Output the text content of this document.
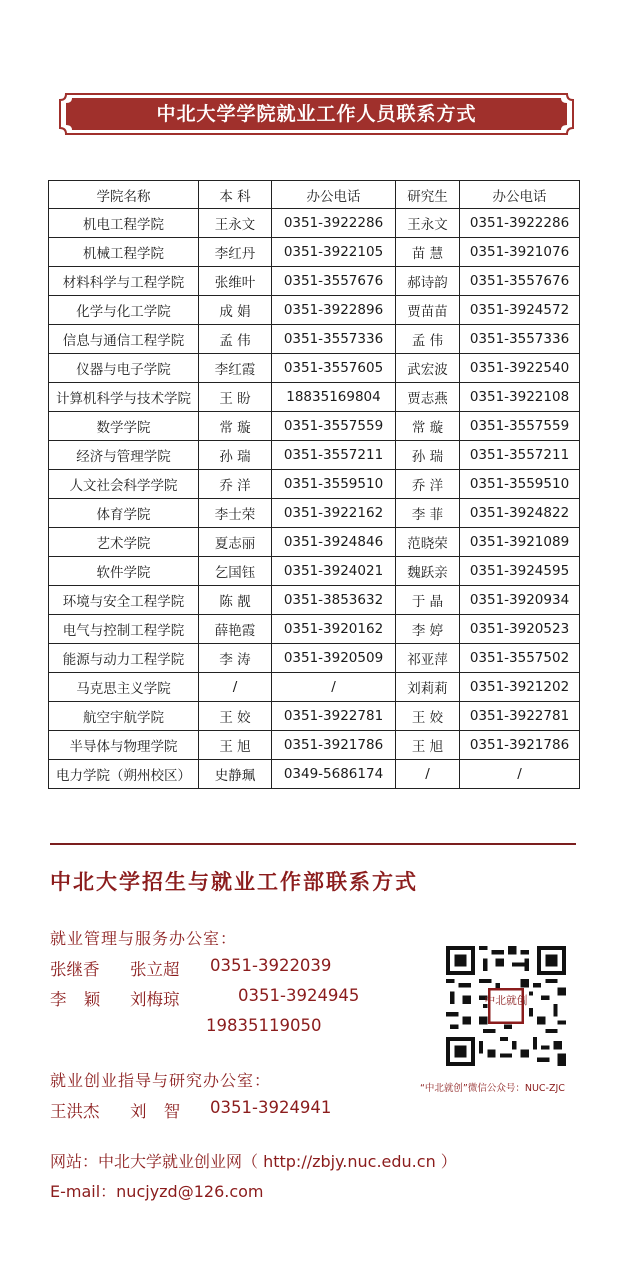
中北大学学院就业工作人员联系方式
学院名称	本 科	办公电话	研究生	办公电话
机电工程学院	王永文	0351-3922286	王永文	0351-3922286
机械工程学院	李红丹	0351-3922105	苗 慧	0351-3921076
材料科学与工程学院	张维叶	0351-3557676	郝诗韵	0351-3557676
化学与化工学院	成 娟	0351-3922896	贾苗苗	0351-3924572
信息与通信工程学院	孟 伟	0351-3557336	孟 伟	0351-3557336
仪器与电子学院	李红霞	0351-3557605	武宏波	0351-3922540
计算机科学与技术学院	王 盼	18835169804	贾志燕	0351-3922108
数学学院	常 璇	0351-3557559	常 璇	0351-3557559
经济与管理学院	孙 瑞	0351-3557211	孙 瑞	0351-3557211
人文社会科学学院	乔 洋	0351-3559510	乔 洋	0351-3559510
体育学院	李士荣	0351-3922162	李 菲	0351-3924822
艺术学院	夏志丽	0351-3924846	范晓荣	0351-3921089
软件学院	乞国钰	0351-3924021	魏跃亲	0351-3924595
环境与安全工程学院	陈 靓	0351-3853632	于 晶	0351-3920934
电气与控制工程学院	薛艳霞	0351-3920162	李 婷	0351-3920523
能源与动力工程学院	李 涛	0351-3920509	祁亚萍	0351-3557502
马克思主义学院	/	/	刘莉莉	0351-3921202
航空宇航学院	王 姣	0351-3922781	王 姣	0351-3922781
半导体与物理学院	王 旭	0351-3921786	王 旭	0351-3921786
电力学院（朔州校区）	史静珮	0349-5686174	/	/
中北大学招生与就业工作部联系方式
就业管理与服务办公室：
张继香 张立超 0351-3922039
李 颖 刘梅琼	0351-3924945
19835119050
就业创业指导与研究办公室：
王洪杰 刘 智 0351-3924941
中北就创
“中北就创”微信公众号：NUC-ZJC
网站：中北大学就业创业网（ http://zbjy.nuc.edu.cn ）
E-mail：nucjyzd@126.com
